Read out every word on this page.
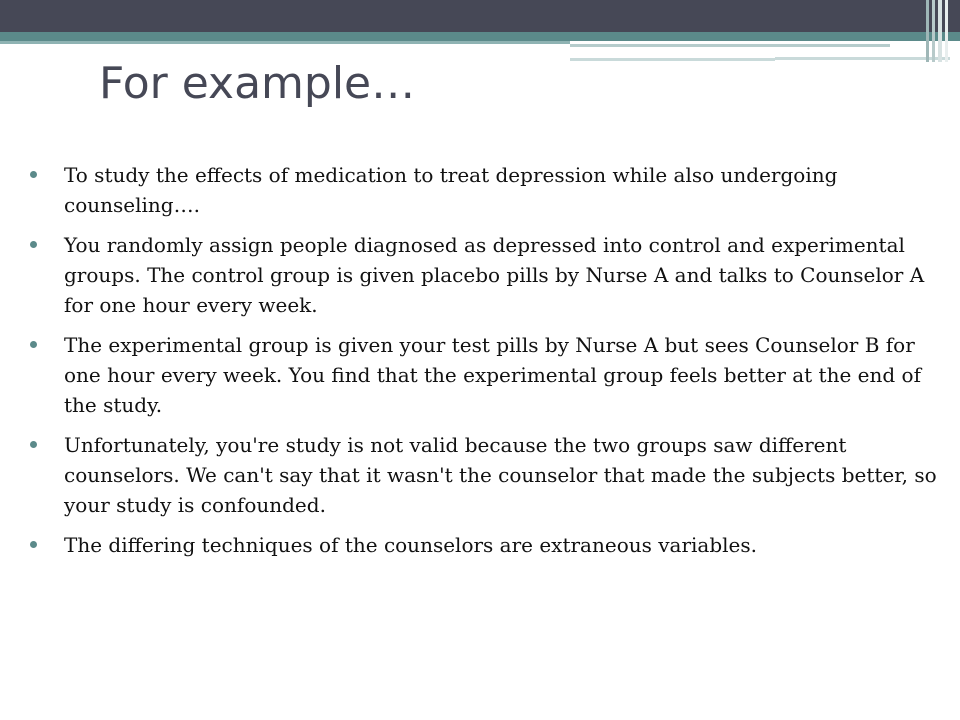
For example…
To study the effects of medication to treat depression while also undergoing counseling….
You randomly assign people diagnosed as depressed into control and experimental groups. The control group is given placebo pills by Nurse A and talks to Counselor A for one hour every week.
The experimental group is given your test pills by Nurse A but sees Counselor B for one hour every week. You find that the experimental group feels better at the end of the study.
Unfortunately, you're study is not valid because the two groups saw different counselors. We can't say that it wasn't the counselor that made the subjects better, so your study is confounded.
The differing techniques of the counselors are extraneous variables.
